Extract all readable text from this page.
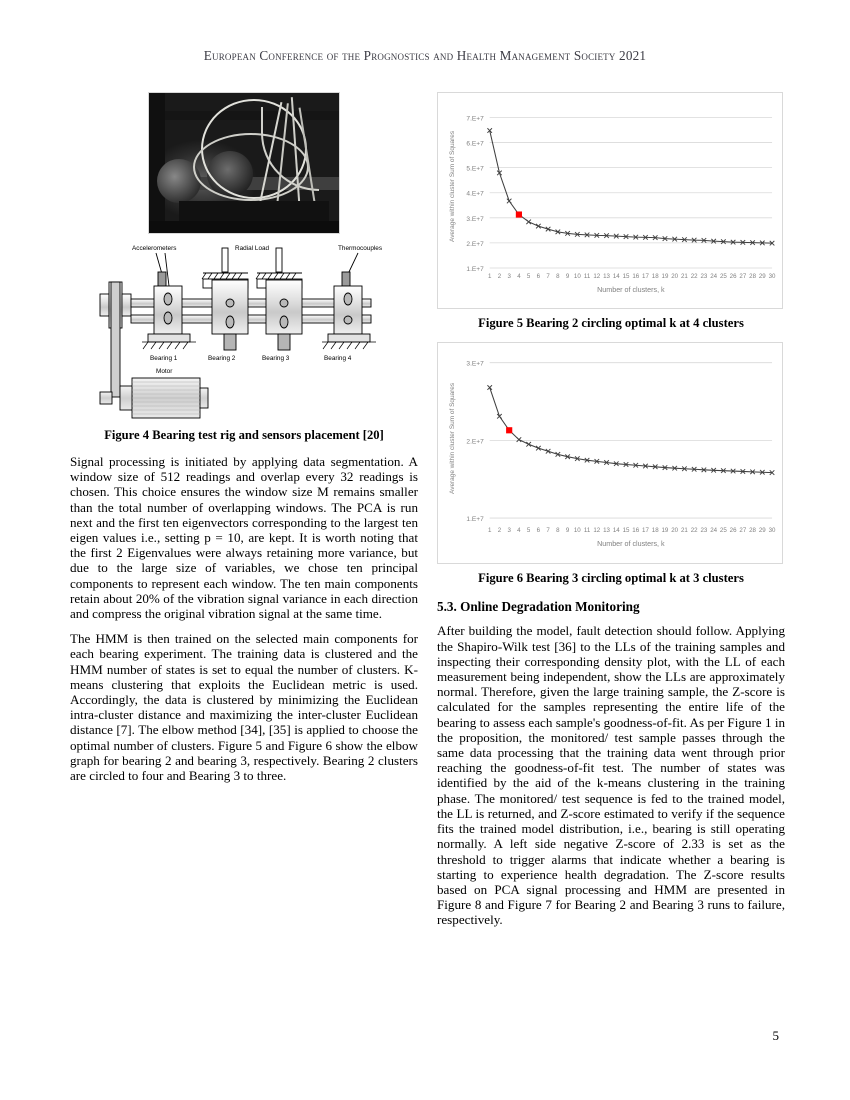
European Conference of the Prognostics and Health Management Society 2021
Accelerometers	Radial Load	Thermocouples
Bearing 1	Bearing 2	Bearing 3	Bearing 4
Motor
Figure 4 Bearing test rig and sensors placement [20]

Signal processing is initiated by applying data segmentation. A window size of 512 readings and overlap every 32 readings is chosen. This choice ensures the window size M remains smaller than the total number of overlapping windows. The PCA is run next and the first ten eigenvectors corresponding to the largest ten eigen values i.e., setting p = 10, are kept. It is worth noting that the first 2 Eigenvalues were always retaining more variance, but due to the large size of variables, we chose ten principal components to represent each window. The ten main components retain about 20% of the vibration signal variance in each direction and compress the original vibration signal at the same time.

The HMM is then trained on the selected main components for each bearing experiment. The training data is clustered and the HMM number of states is set to equal the number of clusters. K-means clustering that exploits the Euclidean metric is used. Accordingly, the data is clustered by minimizing the Euclidean intra-cluster distance and maximizing the inter-cluster Euclidean distance [7]. The elbow method [34], [35] is applied to choose the optimal number of clusters. Figure 5 and Figure 6 show the elbow graph for bearing 2 and bearing 3, respectively. Bearing 2 clusters are circled to four and Bearing 3 to three.

1.E+7
2.E+7
3.E+7
4.E+7
5.E+7
6.E+7
7.E+7
Average within cluster Sum of Squares
1 2 3 4 5 6 7 8 9 10 11 12 13 14 15 16 17 18 19 20 21 22 23 24 25 26 27 28 29 30
Number of clusters, k
Figure 5 Bearing 2 circling optimal k at 4 clusters
1.E+7
2.E+7
3.E+7
Average within cluster Sum of Squares
1 2 3 4 5 6 7 8 9 10 11 12 13 14 15 16 17 18 19 20 21 22 23 24 25 26 27 28 29 30
Number of clusters, k
Figure 6 Bearing 3 circling optimal k at 3 clusters
5.3. Online Degradation Monitoring

After building the model, fault detection should follow. Applying the Shapiro-Wilk test [36] to the LLs of the training samples and inspecting their corresponding density plot, with the LL of each measurement being independent, show the LLs are approximately normal. Therefore, given the large training sample, the Z-score is calculated for the samples representing the entire life of the bearing to assess each sample's goodness-of-fit. As per Figure 1 in the proposition, the monitored/ test sample passes through the same data processing that the training data went through prior reaching the goodness-of-fit test. The number of states was identified by the aid of the k-means clustering in the training phase. The monitored/ test sequence is fed to the trained model, the LL is returned, and Z-score estimated to verify if the sequence fits the trained model distribution, i.e., bearing is still operating normally. A left side negative Z-score of 2.33 is set as the threshold to trigger alarms that indicate whether a bearing is starting to experience health degradation. The Z-score results based on PCA signal processing and HMM are presented in Figure 8 and Figure 7 for Bearing 2 and Bearing 3 runs to failure, respectively.

5
